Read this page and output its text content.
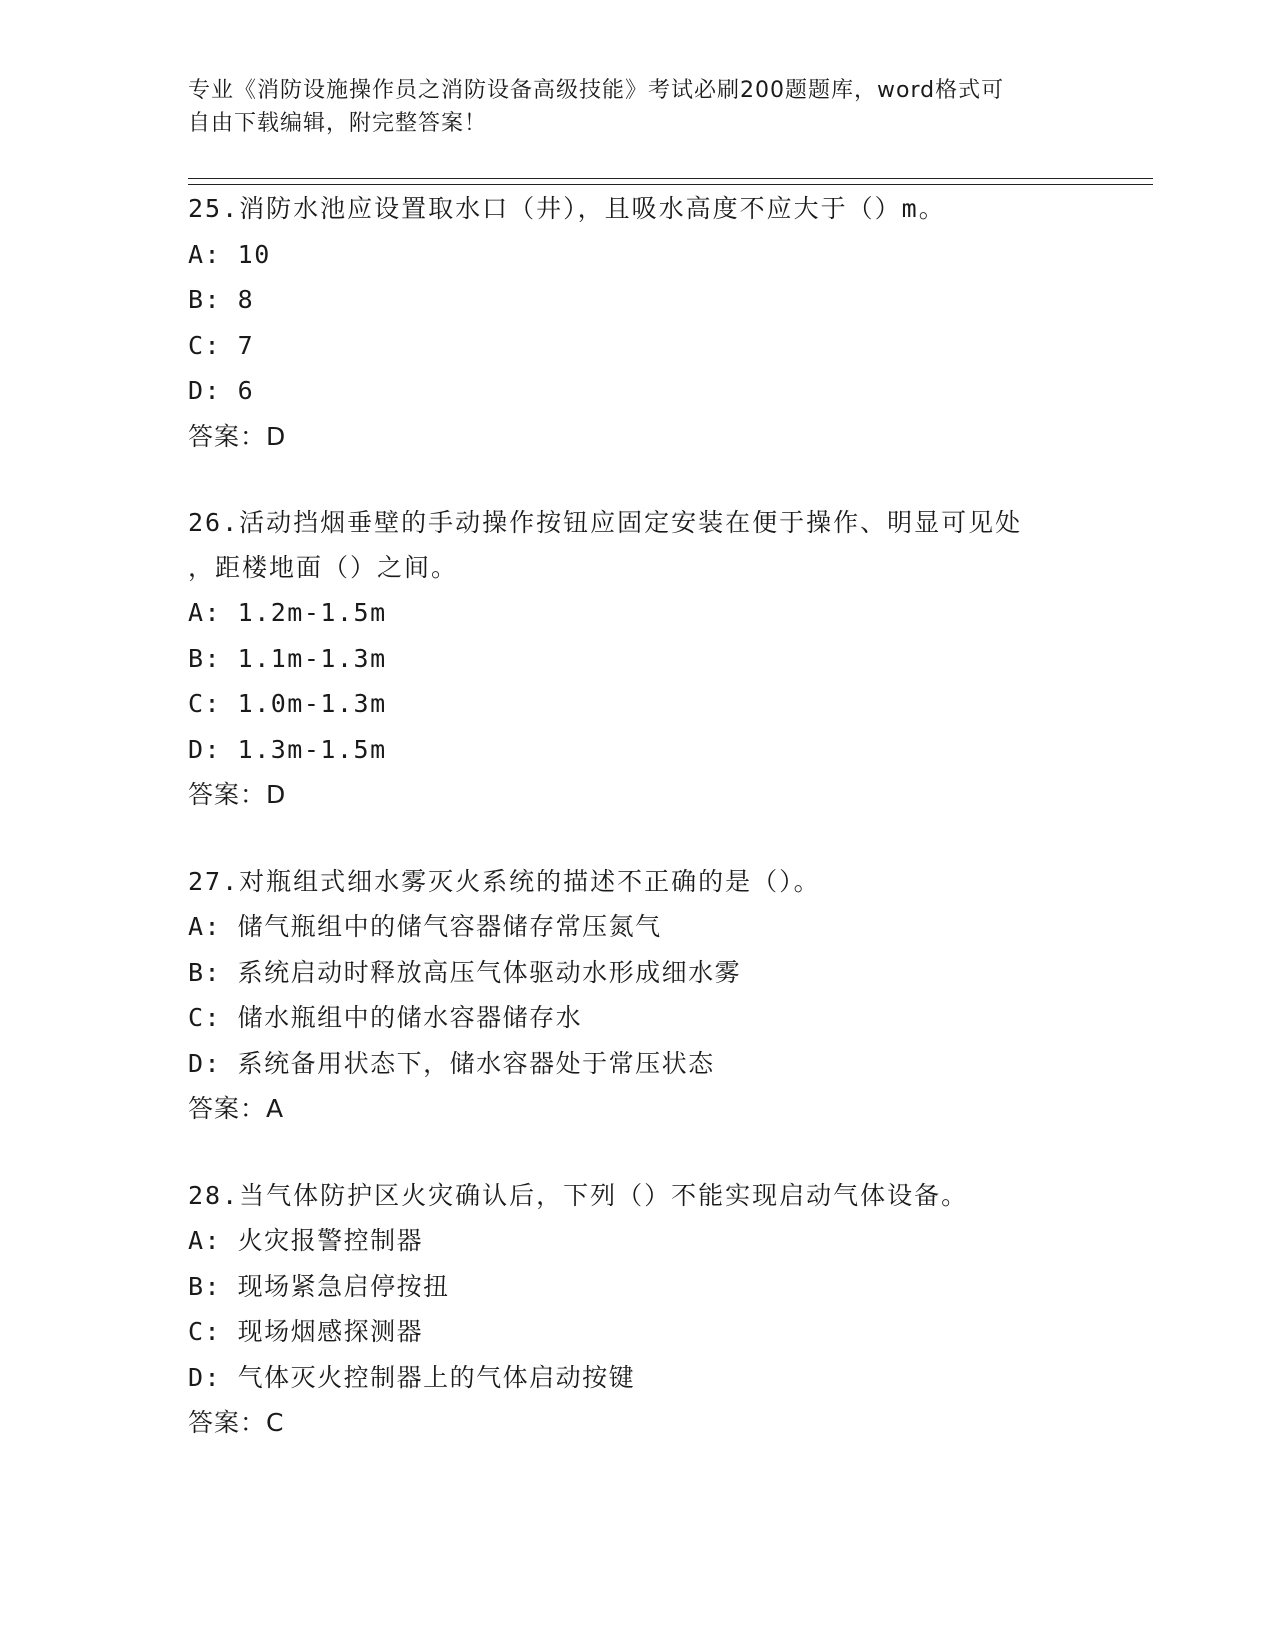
专业《消防设施操作员之消防设备高级技能》考试必刷200题题库，word格式可

自由下载编辑，附完整答案！

25.消防水池应设置取水口（井），且吸水高度不应大于（）m。

A: 10

B: 8

C: 7

D: 6

答案：D

26.活动挡烟垂壁的手动操作按钮应固定安装在便于操作、明显可见处

，距楼地面（）之间。

A: 1.2m-1.5m

B: 1.1m-1.3m

C: 1.0m-1.3m

D: 1.3m-1.5m

答案：D

27.对瓶组式细水雾灭火系统的描述不正确的是（）。

A: 储气瓶组中的储气容器储存常压氮气

B: 系统启动时释放高压气体驱动水形成细水雾

C: 储水瓶组中的储水容器储存水

D: 系统备用状态下，储水容器处于常压状态

答案：A

28.当气体防护区火灾确认后，下列（）不能实现启动气体设备。

A: 火灾报警控制器

B: 现场紧急启停按扭

C: 现场烟感探测器

D: 气体灭火控制器上的气体启动按键

答案：C
